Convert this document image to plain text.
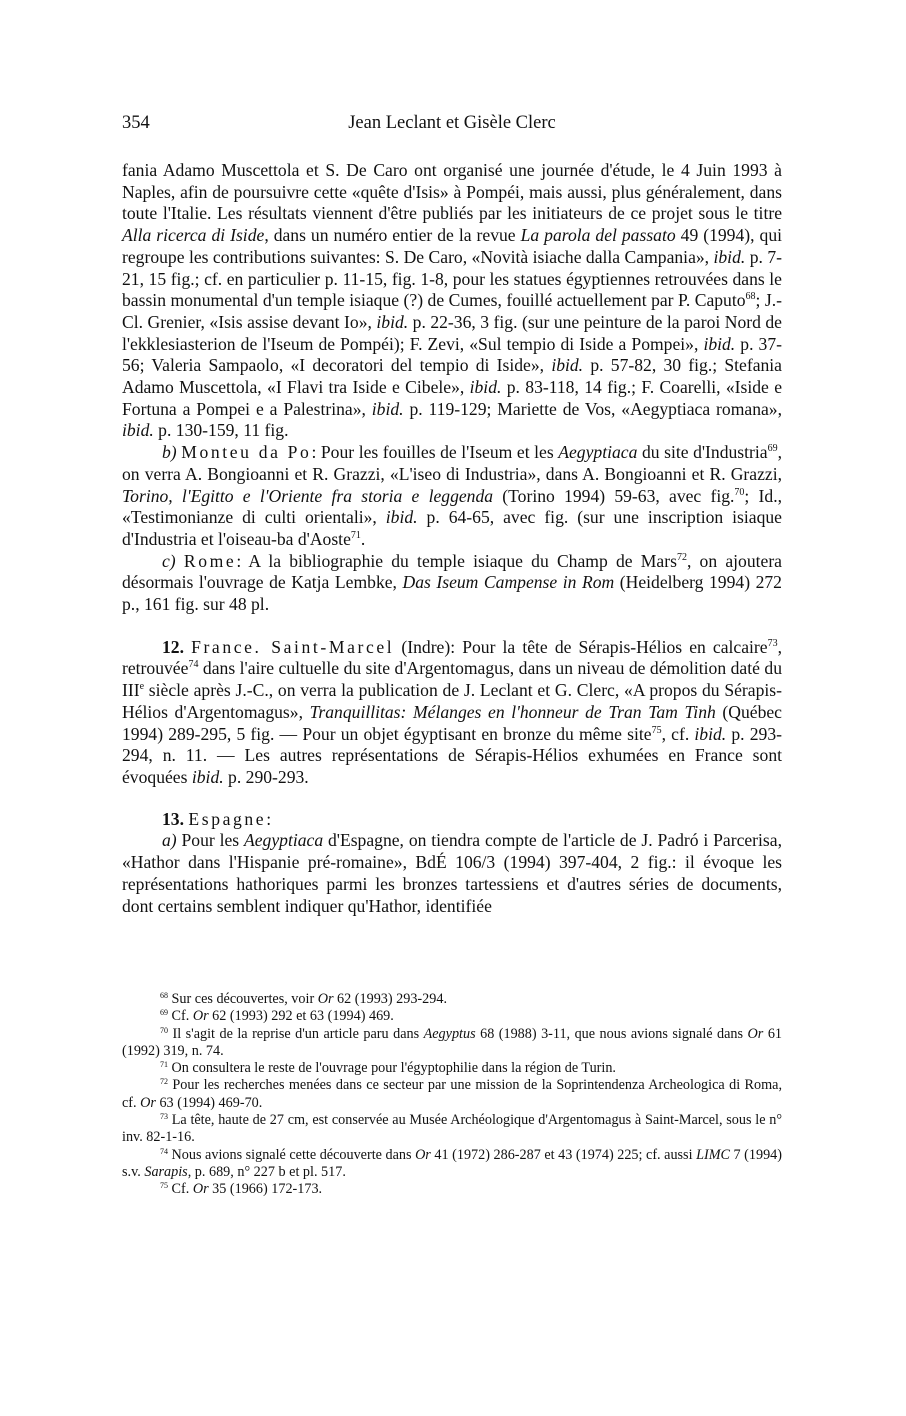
354	Jean Leclant et Gisèle Clerc

fania Adamo Muscettola et S. De Caro ont organisé une journée d'étude, le 4 Juin 1993 à Naples, afin de poursuivre cette «quête d'Isis» à Pompéi, mais aussi, plus généralement, dans toute l'Italie. Les résultats viennent d'être publiés par les initiateurs de ce projet sous le titre Alla ricerca di Iside, dans un numéro entier de la revue La parola del passato 49 (1994), qui regroupe les contributions suivantes: S. De Caro, «Novità isiache dalla Campania», ibid. p. 7-21, 15 fig.; cf. en particulier p. 11-15, fig. 1-8, pour les statues égyptiennes retrouvées dans le bassin monumental d'un temple isiaque (?) de Cumes, fouillé actuellement par P. Caputo$^{68}$; J.-Cl. Grenier, «Isis assise devant Io», ibid. p. 22-36, 3 fig. (sur une peinture de la paroi Nord de l'ekklesiasterion de l'Iseum de Pompéi); F. Zevi, «Sul tempio di Iside a Pompei», ibid. p. 37-56; Valeria Sampaolo, «I decoratori del tempio di Iside», ibid. p. 57-82, 30 fig.; Stefania Adamo Muscettola, «I Flavi tra Iside e Cibele», ibid. p. 83-118, 14 fig.; F. Coarelli, «Iside e Fortuna a Pompei e a Palestrina», ibid. p. 119-129; Mariette de Vos, «Aegyptiaca romana», ibid. p. 130-159, 11 fig.

b) Monteu da Po: Pour les fouilles de l'Iseum et les Aegyptiaca du site d'Industria$^{69}$, on verra A. Bongioanni et R. Grazzi, «L'iseo di Industria», dans A. Bongioanni et R. Grazzi, Torino, l'Egitto e l'Oriente fra storia e leggenda (Torino 1994) 59-63, avec fig.$^{70}$; Id., «Testimonianze di culti orientali», ibid. p. 64-65, avec fig. (sur une inscription isiaque d'Industria et l'oiseau-ba d'Aoste$^{71}$.

c) Rome: A la bibliographie du temple isiaque du Champ de Mars$^{72}$, on ajoutera désormais l'ouvrage de Katja Lembke, Das Iseum Campense in Rom (Heidelberg 1994) 272 p., 161 fig. sur 48 pl.

12. France. Saint-Marcel (Indre): Pour la tête de Sérapis-Hélios en calcaire$^{73}$, retrouvée$^{74}$ dans l'aire cultuelle du site d'Argentomagus, dans un niveau de démolition daté du IIIe siècle après J.-C., on verra la publication de J. Leclant et G. Clerc, «A propos du Sérapis-Hélios d'Argentomagus», Tranquillitas: Mélanges en l'honneur de Tran Tam Tinh (Québec 1994) 289-295, 5 fig. — Pour un objet égyptisant en bronze du même site$^{75}$, cf. ibid. p. 293-294, n. 11. — Les autres représentations de Sérapis-Hélios exhumées en France sont évoquées ibid. p. 290-293.

13. Espagne:

a) Pour les Aegyptiaca d'Espagne, on tiendra compte de l'article de J. Padró i Parcerisa, «Hathor dans l'Hispanie pré-romaine», BdÉ 106/3 (1994) 397-404, 2 fig.: il évoque les représentations hathoriques parmi les bronzes tartessiens et d'autres séries de documents, dont certains semblent indiquer qu'Hathor, identifiée

$^{68}$ Sur ces découvertes, voir Or 62 (1993) 293-294.

$^{69}$ Cf. Or 62 (1993) 292 et 63 (1994) 469.

$^{70}$ Il s'agit de la reprise d'un article paru dans Aegyptus 68 (1988) 3-11, que nous avions signalé dans Or 61 (1992) 319, n. 74.

$^{71}$ On consultera le reste de l'ouvrage pour l'égyptophilie dans la région de Turin.

$^{72}$ Pour les recherches menées dans ce secteur par une mission de la Soprintendenza Archeologica di Roma, cf. Or 63 (1994) 469-70.

$^{73}$ La tête, haute de 27 cm, est conservée au Musée Archéologique d'Argentomagus à Saint-Marcel, sous le n° inv. 82-1-16.

$^{74}$ Nous avions signalé cette découverte dans Or 41 (1972) 286-287 et 43 (1974) 225; cf. aussi LIMC 7 (1994) s.v. Sarapis, p. 689, n° 227 b et pl. 517.

$^{75}$ Cf. Or 35 (1966) 172-173.
